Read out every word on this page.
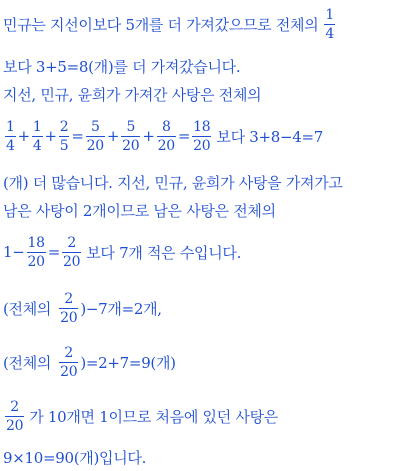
민규는 지선이보다 5개를 더 가져갔으므로 전체의 $\frac{1}{4}$
보다 3+5=8(개)를 더 가져갔습니다.
지선, 민규, 윤희가 가져간 사탕은 전체의
$\frac{1}{4} + \frac{1}{4} + \frac{2}{5} = \frac{5}{20} + \frac{5}{20} + \frac{8}{20} = \frac{18}{20}$ 보다 3+8−4=7
(개) 더 많습니다. 지선, 민규, 윤희가 사탕을 가져가고
남은 사탕이 2개이므로 남은 사탕은 전체의
$1- \frac{18}{20} = \frac{2}{20}$ 보다 7개 적은 수입니다.
(전체의 $\frac{2}{20} )-7$개=2개,
(전체의 $\frac{2}{20} )=2+7=9$(개)
$\frac{2}{20}$ 가 10개면 1이므로 처음에 있던 사탕은
9×10=90(개)입니다.
